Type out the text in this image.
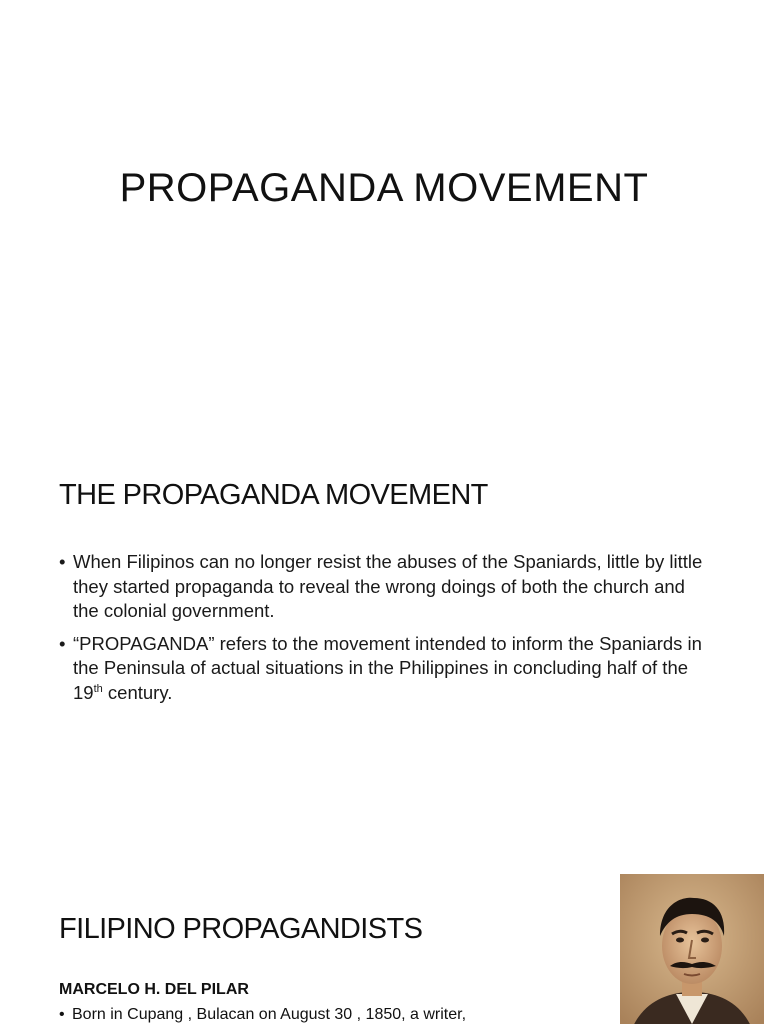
PROPAGANDA MOVEMENT
THE PROPAGANDA MOVEMENT
• When Filipinos can no longer resist the abuses of the Spaniards, little by little they started propaganda to reveal the wrong doings of both the church and the colonial government.
• “PROPAGANDA” refers to the movement intended to inform the Spaniards in the Peninsula of actual situations in the Philippines in concluding half of the 19th century.
FILIPINO PROPAGANDISTS

MARCELO H. DEL PILAR

• Born in Cupang , Bulacan on August 30 , 1850, a writer,
